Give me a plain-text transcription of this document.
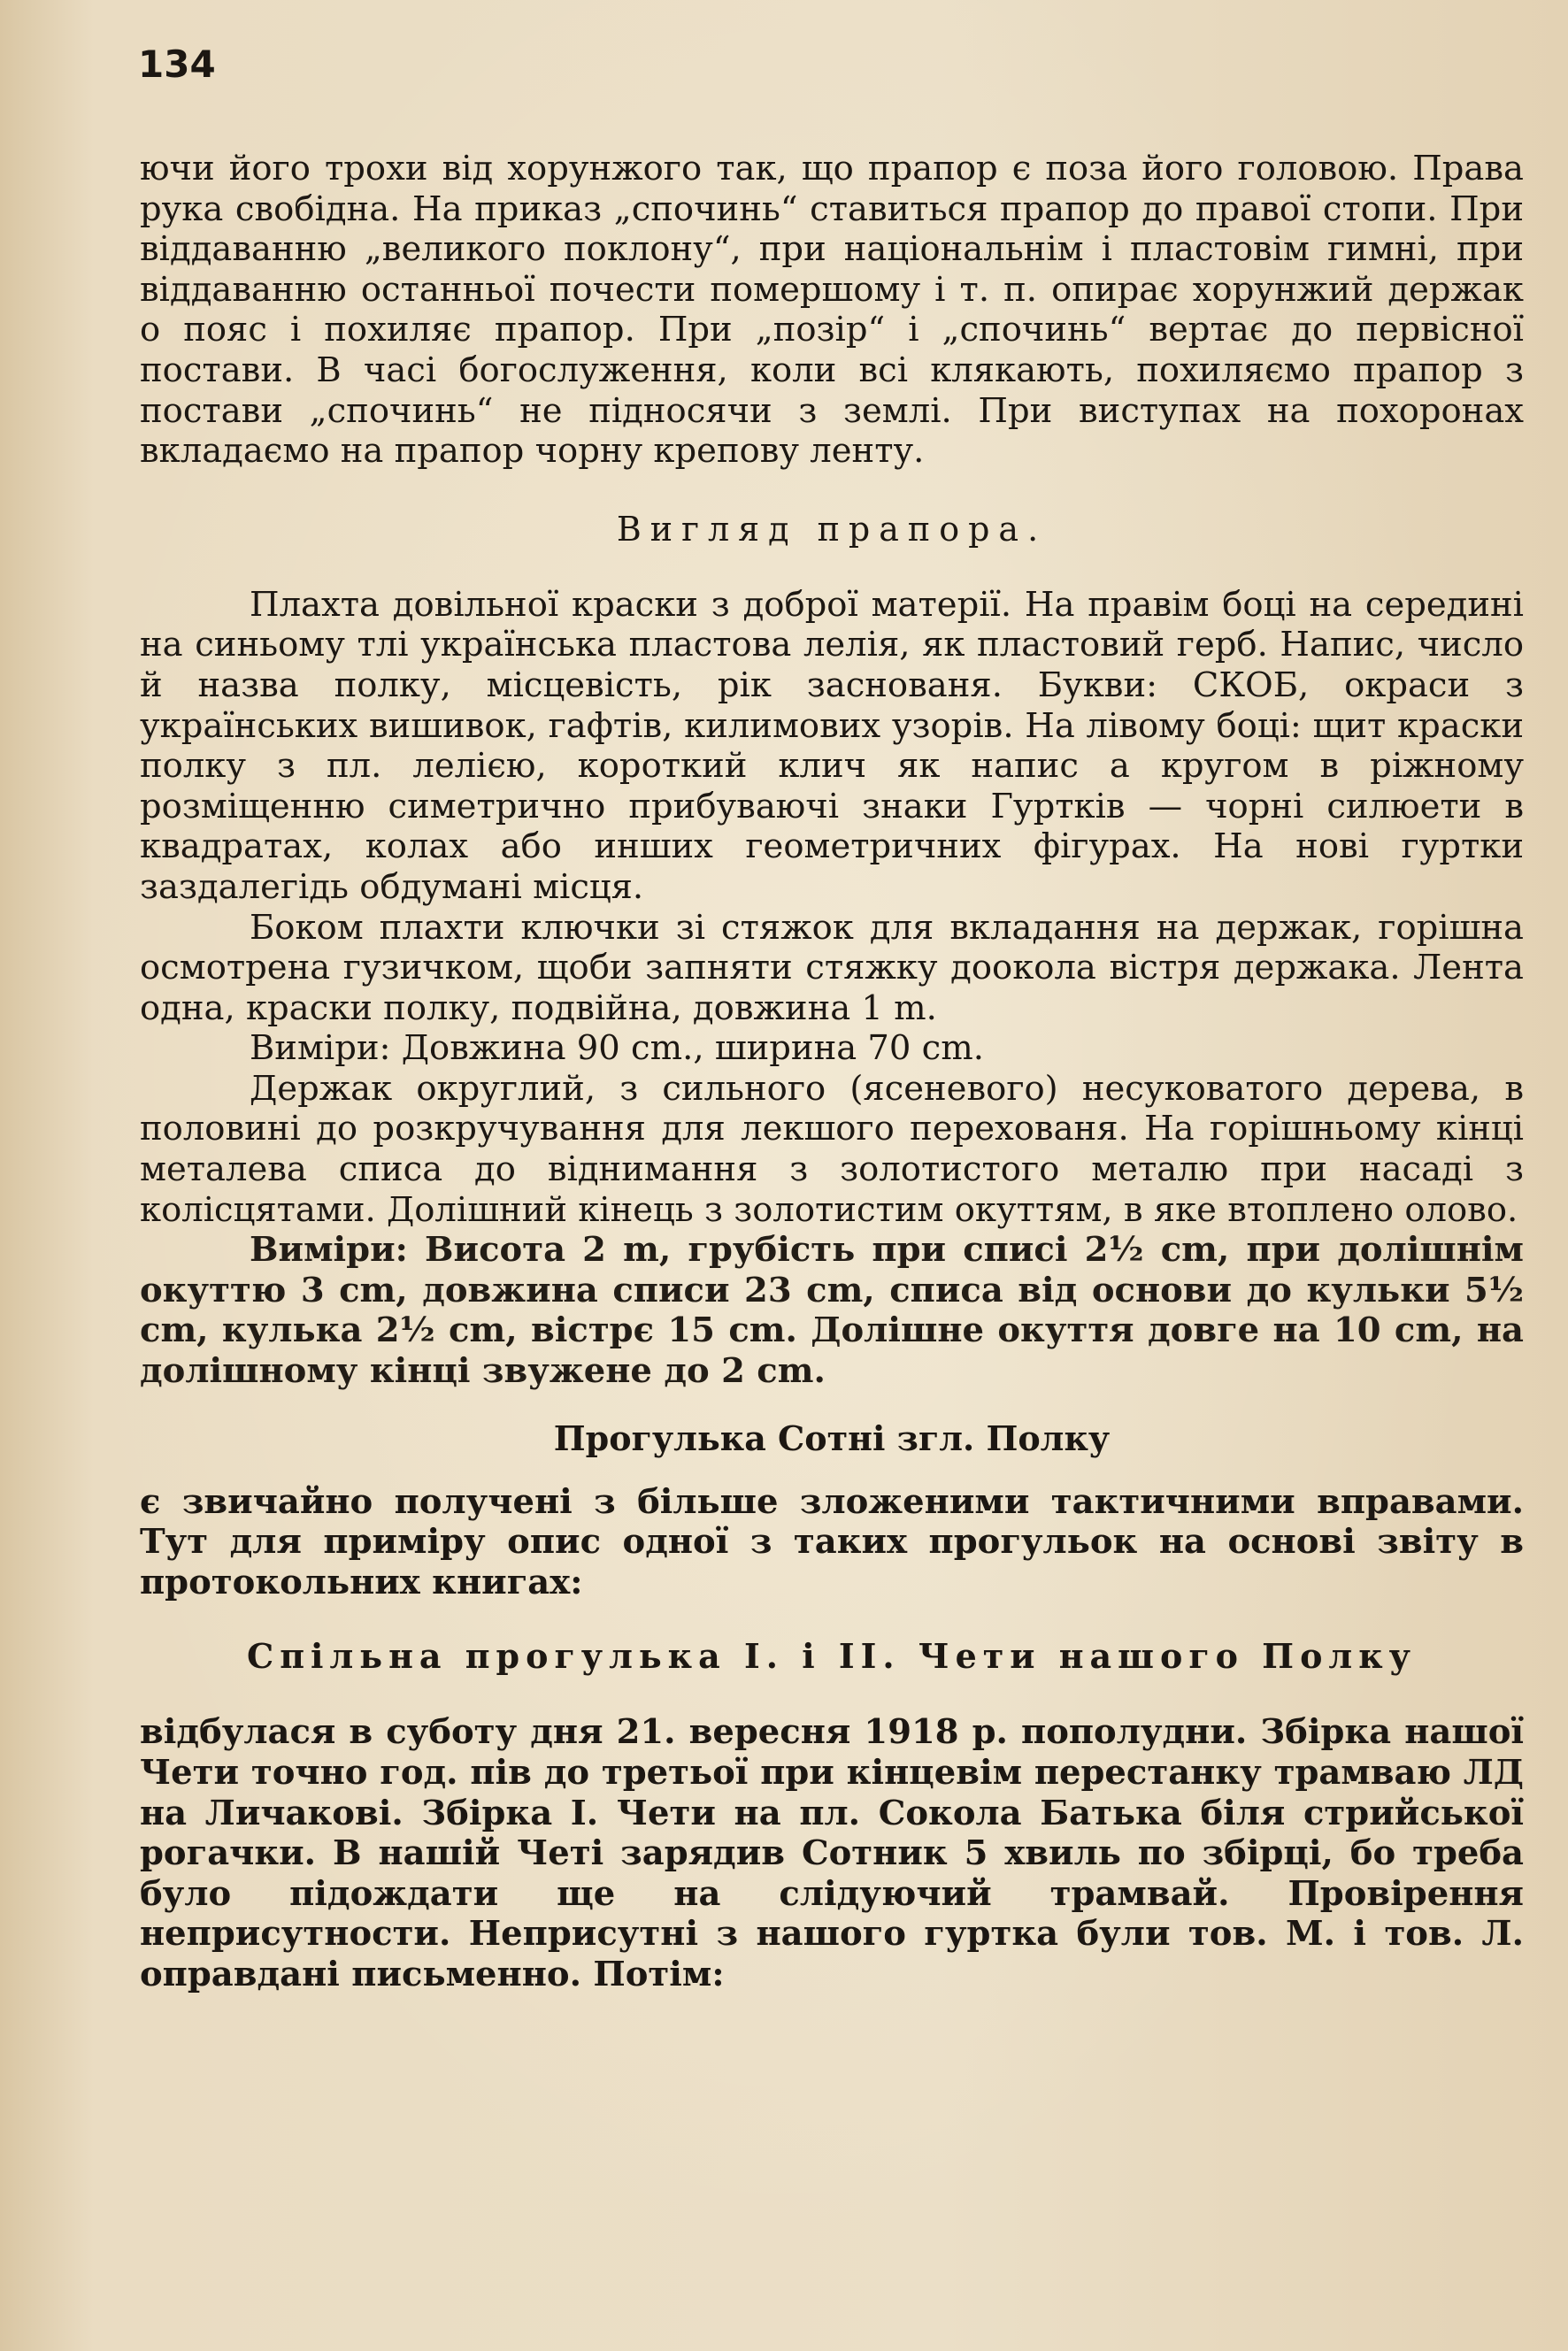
134

ючи його трохи від хорунжого так, що прапор є поза його головою. Права рука свобідна. На приказ „спочинь“ ставиться прапор до правої стопи. При віддаванню „великого поклону“, при національнім і пластовім гимні, при віддаванню останньої почести помершому і т. п. опирає хорунжий держак о пояс і похиляє прапор. При „позір“ і „спочинь“ вертає до первісної постави. В часі богослуження, коли всі клякають, похиляємо прапор з постави „спочинь“ не підносячи з землі. При виступах на похоронах вкладаємо на прапор чорну крепову ленту.

Вигляд прапора.

Плахта довільної краски з доброї матерії. На правім боці на середині на синьому тлі українська пластова лелія, як пластовий герб. Напис, число й назва полку, місцевість, рік заснованя. Букви: СКОБ, окраси з українських вишивок, гафтів, килимових узорів. На лівому боці: щит краски полку з пл. лелією, короткий клич як напис а кругом в ріжному розміщенню симетрично прибуваючі знаки Гуртків — чорні силюети в квадратах, колах або инших геометричних фігурах. На нові гуртки заздалегідь обдумані місця.

Боком плахти ключки зі стяжок для вкладання на держак, горішна осмотрена гузичком, щоби запняти стяжку доокола вістря держака. Лента одна, краски полку, подвійна, довжина 1 m.

Виміри: Довжина 90 cm., ширина 70 cm.

Держак округлий, з сильного (ясеневого) несуковатого дерева, в половині до розкручування для лекшого перехованя. На горішньому кінці металева списа до віднимання з золотистого металю при насаді з колісцятами. Долішний кінець з золотистим окуттям, в яке втоплено олово.

Виміри: Висота 2 m, грубість при списі 2½ cm, при долішнім окуттю 3 cm, довжина списи 23 cm, списа від основи до кульки 5½ cm, кулька 2½ cm, вістрє 15 cm. Долішне окуття довге на 10 cm, на долішному кінці звужене до 2 cm.

Прогулька Сотні згл. Полку

є звичайно получені з більше зложеними тактичними вправами. Тут для приміру опис одної з таких прогульок на основі звіту в протокольних книгах:

Спільна прогулька I. і II. Чети нашого Полку

відбулася в суботу дня 21. вересня 1918 р. пополудни. Збірка нашої Чети точно год. пів до третьої при кінцевім перестанку трамваю ЛД на Личакові. Збірка I. Чети на пл. Сокола Батька біля стрийської рогачки. В нашій Четі зарядив Сотник 5 хвиль по збірці, бо треба було підождати ще на слідуючий трамвай. Провірення неприсутности. Неприсутні з нашого гуртка були тов. М. і тов. Л. оправдані письменно. Потім:
